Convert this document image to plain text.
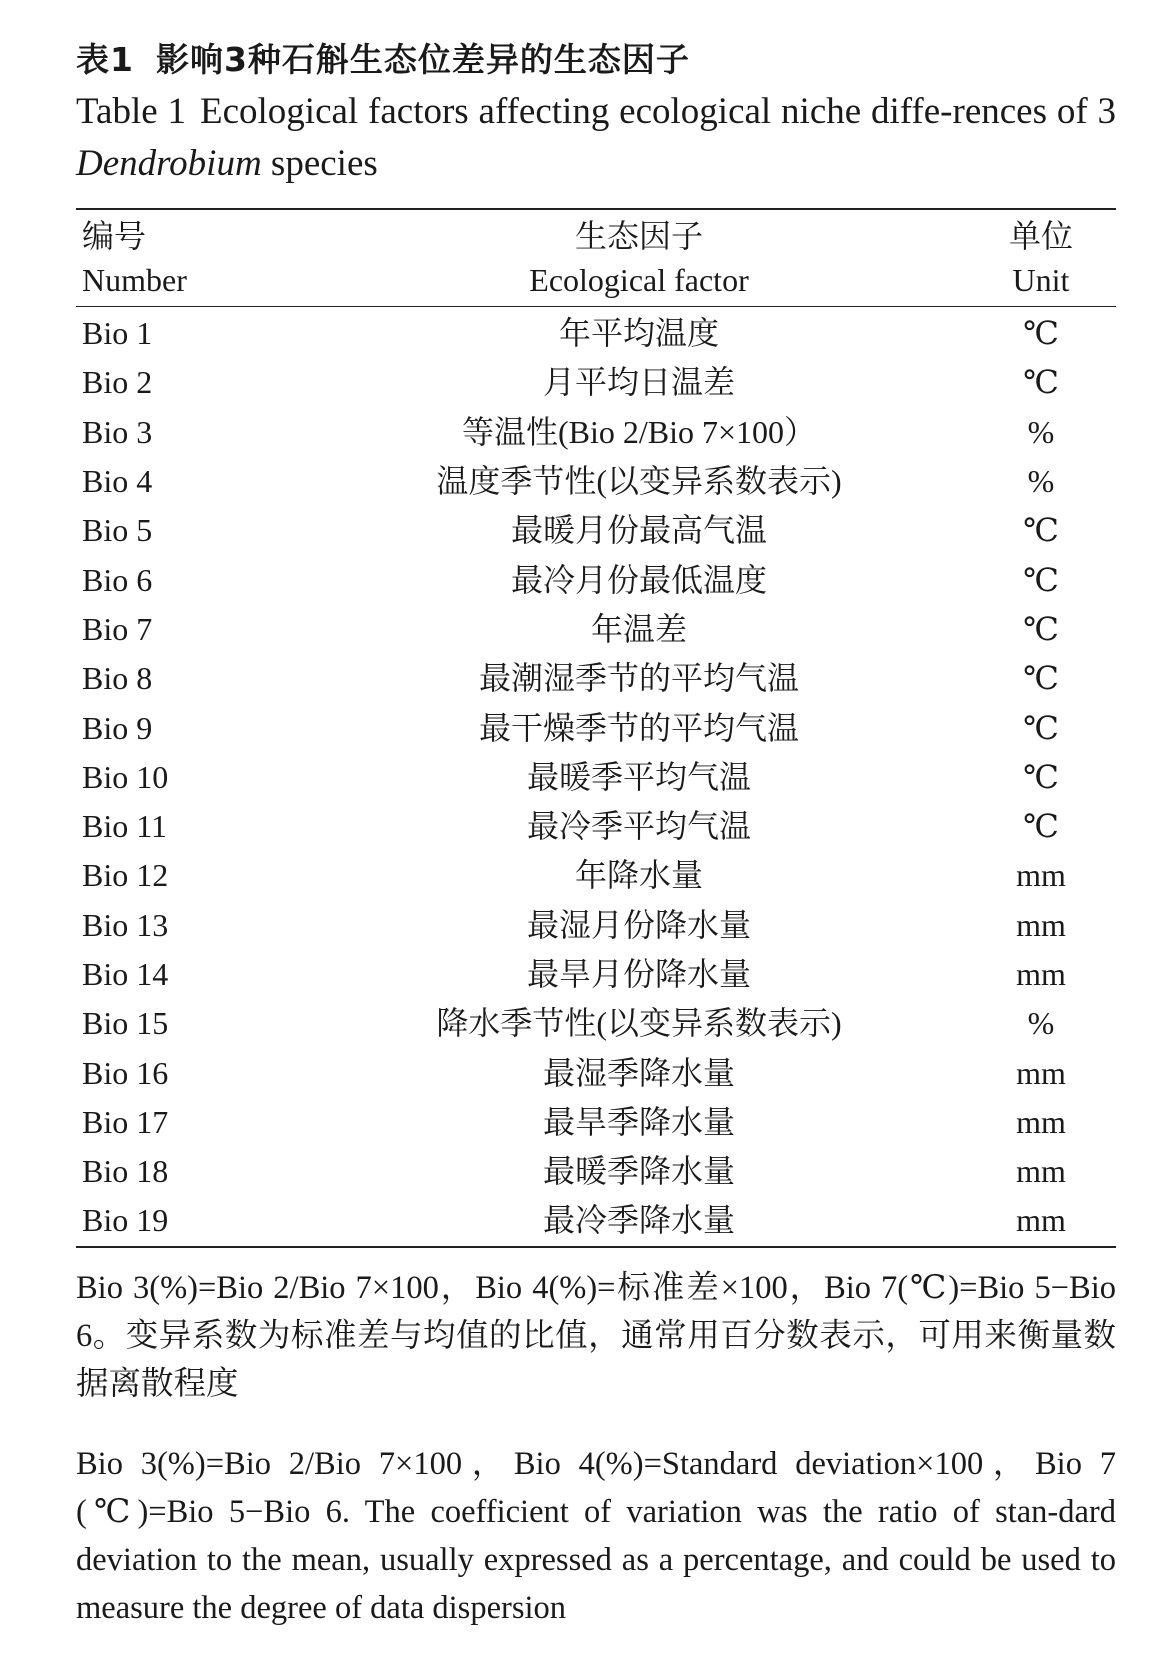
表1 影响3种石斛生态位差异的生态因子
Table 1 Ecological factors affecting ecological niche diffe-rences of 3 Dendrobium species
编号	生态因子	单位
Number	Ecological factor	Unit
Bio 1	年平均温度	℃
Bio 2	月平均日温差	℃
Bio 3	等温性(Bio 2/Bio 7×100）	%
Bio 4	温度季节性(以变异系数表示)	%
Bio 5	最暖月份最高气温	℃
Bio 6	最冷月份最低温度	℃
Bio 7	年温差	℃
Bio 8	最潮湿季节的平均气温	℃
Bio 9	最干燥季节的平均气温	℃
Bio 10	最暖季平均气温	℃
Bio 11	最冷季平均气温	℃
Bio 12	年降水量	mm
Bio 13	最湿月份降水量	mm
Bio 14	最旱月份降水量	mm
Bio 15	降水季节性(以变异系数表示)	%
Bio 16	最湿季降水量	mm
Bio 17	最旱季降水量	mm
Bio 18	最暖季降水量	mm
Bio 19	最冷季降水量	mm

Bio 3(%)=Bio 2/Bio 7×100，Bio 4(%)=标准差×100，Bio 7(℃)=Bio 5−Bio 6。变异系数为标准差与均值的比值，通常用百分数表示，可用来衡量数据离散程度

Bio 3(%)=Bio 2/Bio 7×100，Bio 4(%)=Standard deviation×100，Bio 7 (℃)=Bio 5−Bio 6. The coefficient of variation was the ratio of stan-dard deviation to the mean, usually expressed as a percentage, and could be used to measure the degree of data dispersion
